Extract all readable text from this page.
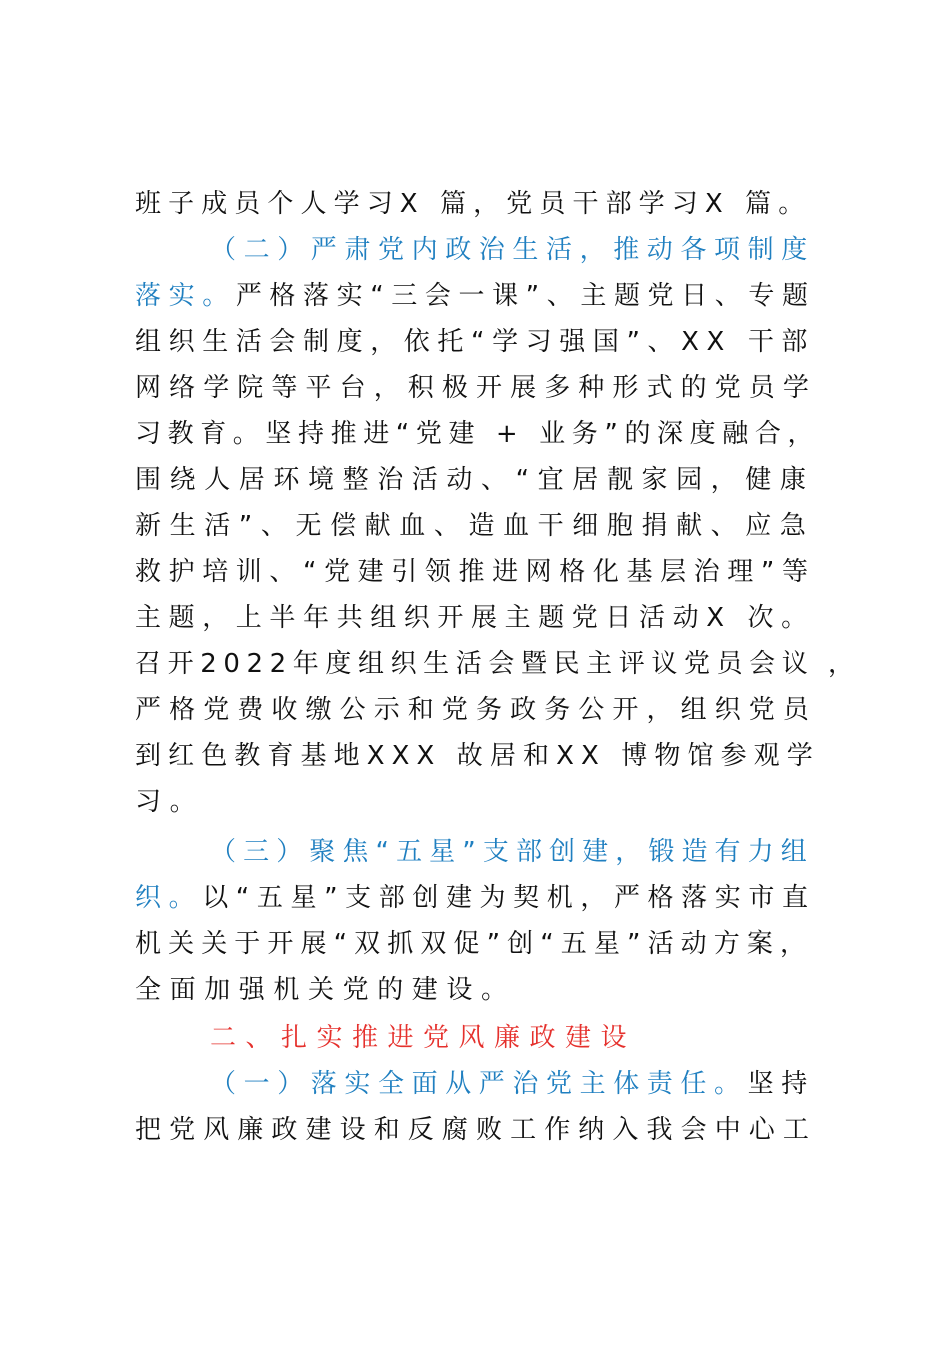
班子成员个人学习X 篇，党员干部学习X 篇。
（二）严肃党内政治生活，推动各项制度
落实。严格落实“三会一课”、主题党日、专题
组织生活会制度，依托“学习强国”、XX 干部
网络学院等平台，积极开展多种形式的党员学
习教育。坚持推进“党建 + 业务”的深度融合，
围绕人居环境整治活动、“宜居靓家园，健康
新生活”、无偿献血、造血干细胞捐献、应急
救护培训、“党建引领推进网格化基层治理”等
主题，上半年共组织开展主题党日活动X 次。
召开2022年度组织生活会暨民主评议党员会议 ，
严格党费收缴公示和党务政务公开，组织党员
到红色教育基地XXX 故居和XX 博物馆参观学
习。
（三）聚焦“五星”支部创建，锻造有力组
织。以“五星”支部创建为契机，严格落实市直
机关关于开展“双抓双促”创“五星”活动方案，
全面加强机关党的建设。
二、扎实推进党风廉政建设
（一）落实全面从严治党主体责任。坚持
把党风廉政建设和反腐败工作纳入我会中心工
